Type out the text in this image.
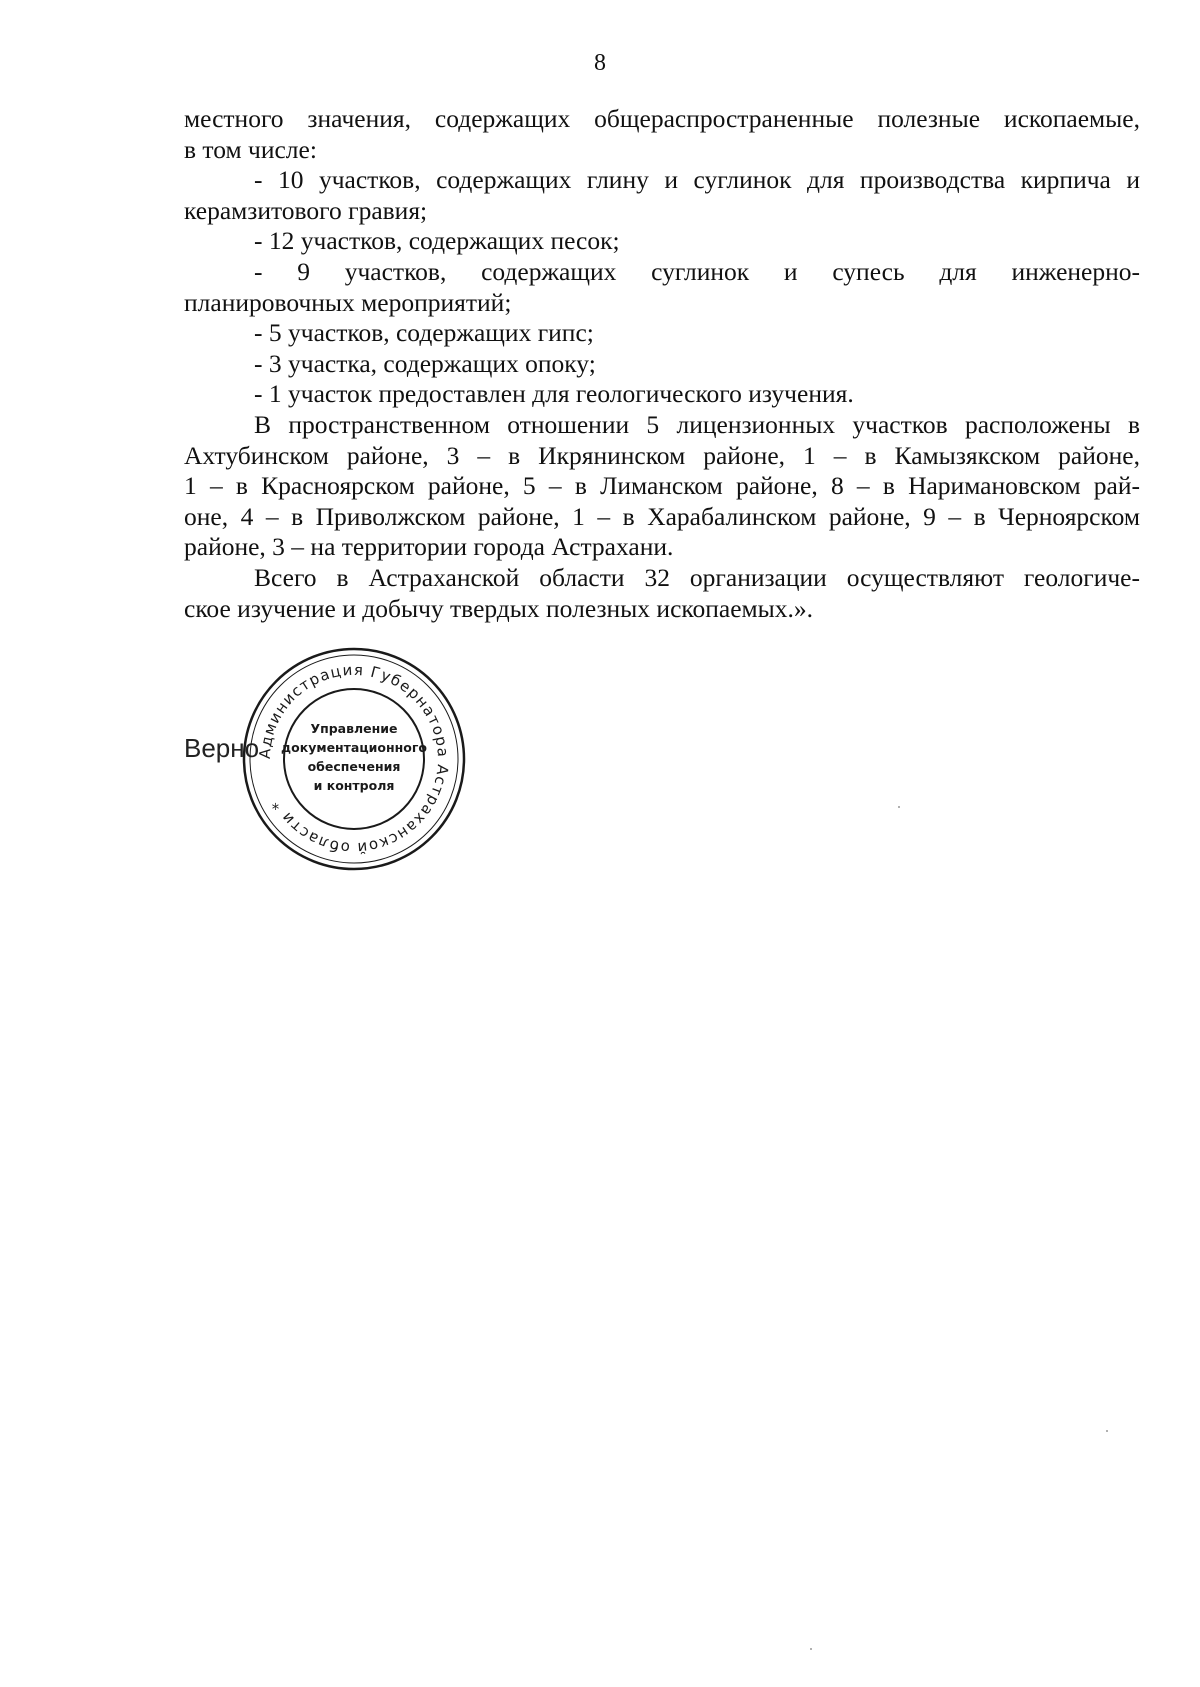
8
местного значения, содержащих общераспространенные полезные ископаемые,
в том числе:
- 10 участков, содержащих глину и суглинок для производства кирпича и
керамзитового гравия;
- 12 участков, содержащих песок;
- 9 участков, содержащих суглинок и супесь для инженерно-
планировочных мероприятий;
- 5 участков, содержащих гипс;
- 3 участка, содержащих опоку;
- 1 участок предоставлен для геологического изучения.
В пространственном отношении 5 лицензионных участков расположены в
Ахтубинском районе, 3 – в Икрянинском районе, 1 – в Камызякском районе,
1 – в Красноярском районе, 5 – в Лиманском районе, 8 – в Наримановском рай-
оне, 4 – в Приволжском районе, 1 – в Харабалинском районе, 9 – в Черноярском
районе, 3 – на территории города Астрахани.
Всего в Астраханской области 32 организации осуществляют геологиче-
ское изучение и добычу твердых полезных ископаемых.».
Верно
Администрация Губернатора Астраханской области *
Управление
документационного
обеспечения
и контроля
